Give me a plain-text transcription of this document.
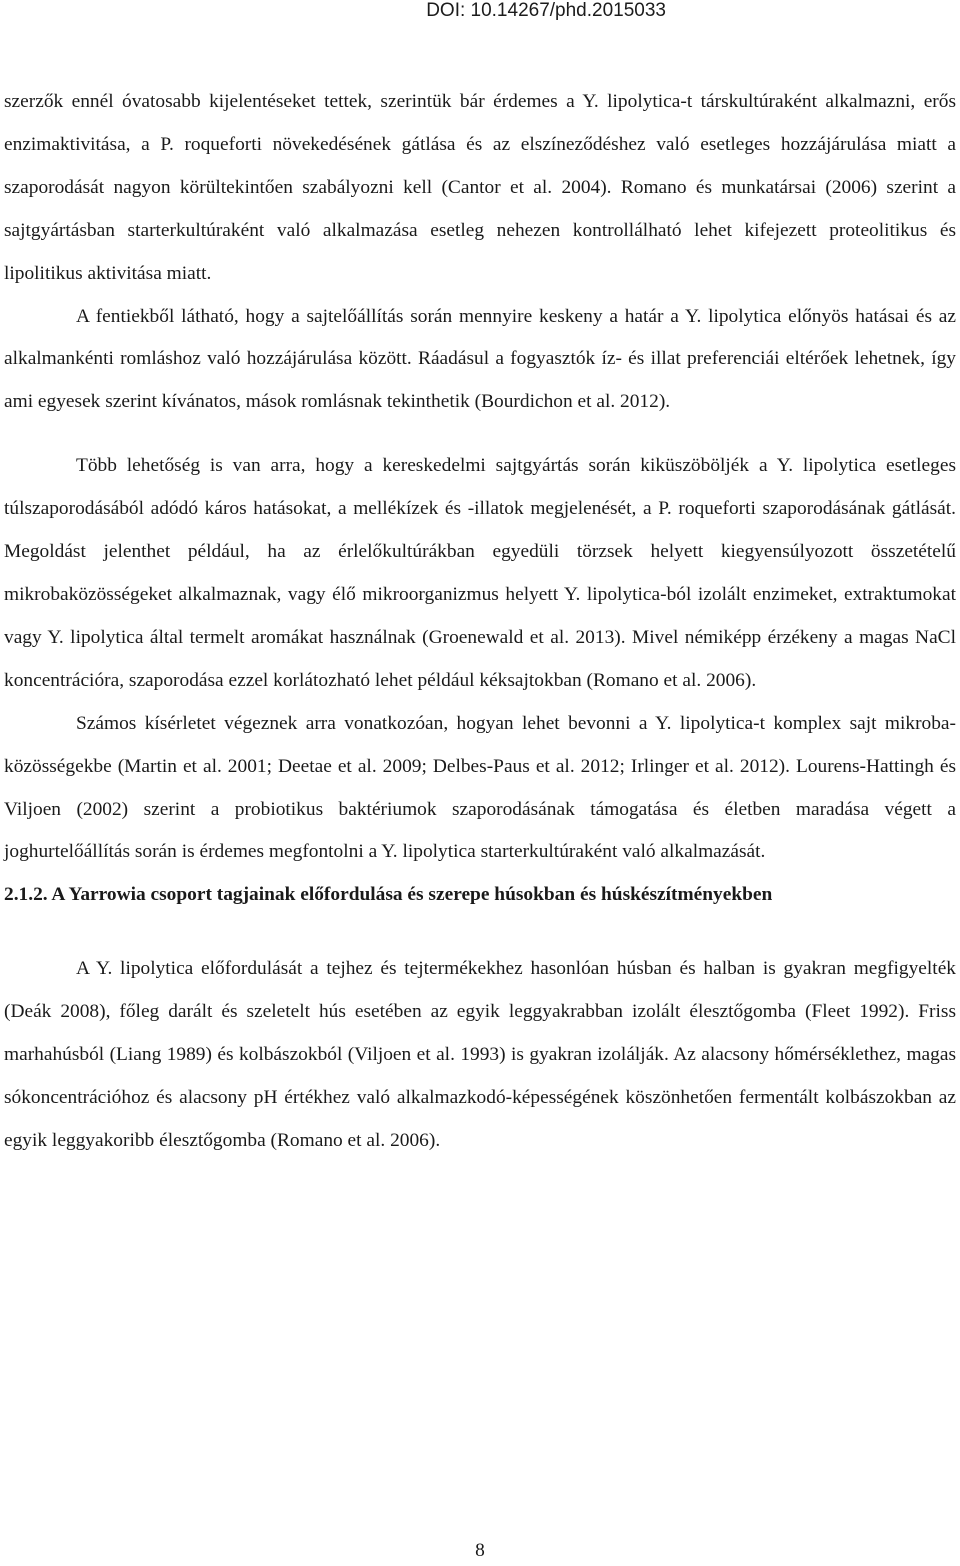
DOI: 10.14267/phd.2015033

szerzők ennél óvatosabb kijelentéseket tettek, szerintük bár érdemes a Y. lipolytica-t társkultúraként alkalmazni, erős enzimaktivitása, a P. roqueforti növekedésének gátlása és az elszíneződéshez való esetleges hozzájárulása miatt a szaporodását nagyon körültekintően szabályozni kell (Cantor et al. 2004). Romano és munkatársai (2006) szerint a sajtgyártásban starterkultúraként való alkalmazása esetleg nehezen kontrollálható lehet kifejezett proteolitikus és lipolitikus aktivitása miatt.

A fentiekből látható, hogy a sajtelőállítás során mennyire keskeny a határ a Y. lipolytica előnyös hatásai és az alkalmankénti romláshoz való hozzájárulása között. Ráadásul a fogyasztók íz- és illat preferenciái eltérőek lehetnek, így ami egyesek szerint kívánatos, mások romlásnak tekinthetik (Bourdichon et al. 2012).

Több lehetőség is van arra, hogy a kereskedelmi sajtgyártás során kiküszöböljék a Y. lipolytica esetleges túlszaporodásából adódó káros hatásokat, a mellékízek és -illatok megjelenését, a P. roqueforti szaporodásának gátlását. Megoldást jelenthet például, ha az érlelőkultúrákban egyedüli törzsek helyett kiegyensúlyozott összetételű mikrobaközösségeket alkalmaznak, vagy élő mikroorganizmus helyett Y. lipolytica-ból izolált enzimeket, extraktumokat vagy Y. lipolytica által termelt aromákat használnak (Groenewald et al. 2013). Mivel némiképp érzékeny a magas NaCl koncentrációra, szaporodása ezzel korlátozható lehet például kéksajtokban (Romano et al. 2006).

Számos kísérletet végeznek arra vonatkozóan, hogyan lehet bevonni a Y. lipolytica-t komplex sajt mikroba-közösségekbe (Martin et al. 2001; Deetae et al. 2009; Delbes-Paus et al. 2012; Irlinger et al. 2012). Lourens-Hattingh és Viljoen (2002) szerint a probiotikus baktériumok szaporodásának támogatása és életben maradása végett a joghurtelőállítás során is érdemes megfontolni a Y. lipolytica starterkultúraként való alkalmazását.

2.1.2. A Yarrowia csoport tagjainak előfordulása és szerepe húsokban és húskészítményekben

A Y. lipolytica előfordulását a tejhez és tejtermékekhez hasonlóan húsban és halban is gyakran megfigyelték (Deák 2008), főleg darált és szeletelt hús esetében az egyik leggyakrabban izolált élesztőgomba (Fleet 1992). Friss marhahúsból (Liang 1989) és kolbászokból (Viljoen et al. 1993) is gyakran izolálják. Az alacsony hőmérséklethez, magas sókoncentrációhoz és alacsony pH értékhez való alkalmazkodó-képességének köszönhetően fermentált kolbászokban az egyik leggyakoribb élesztőgomba (Romano et al. 2006).

8
